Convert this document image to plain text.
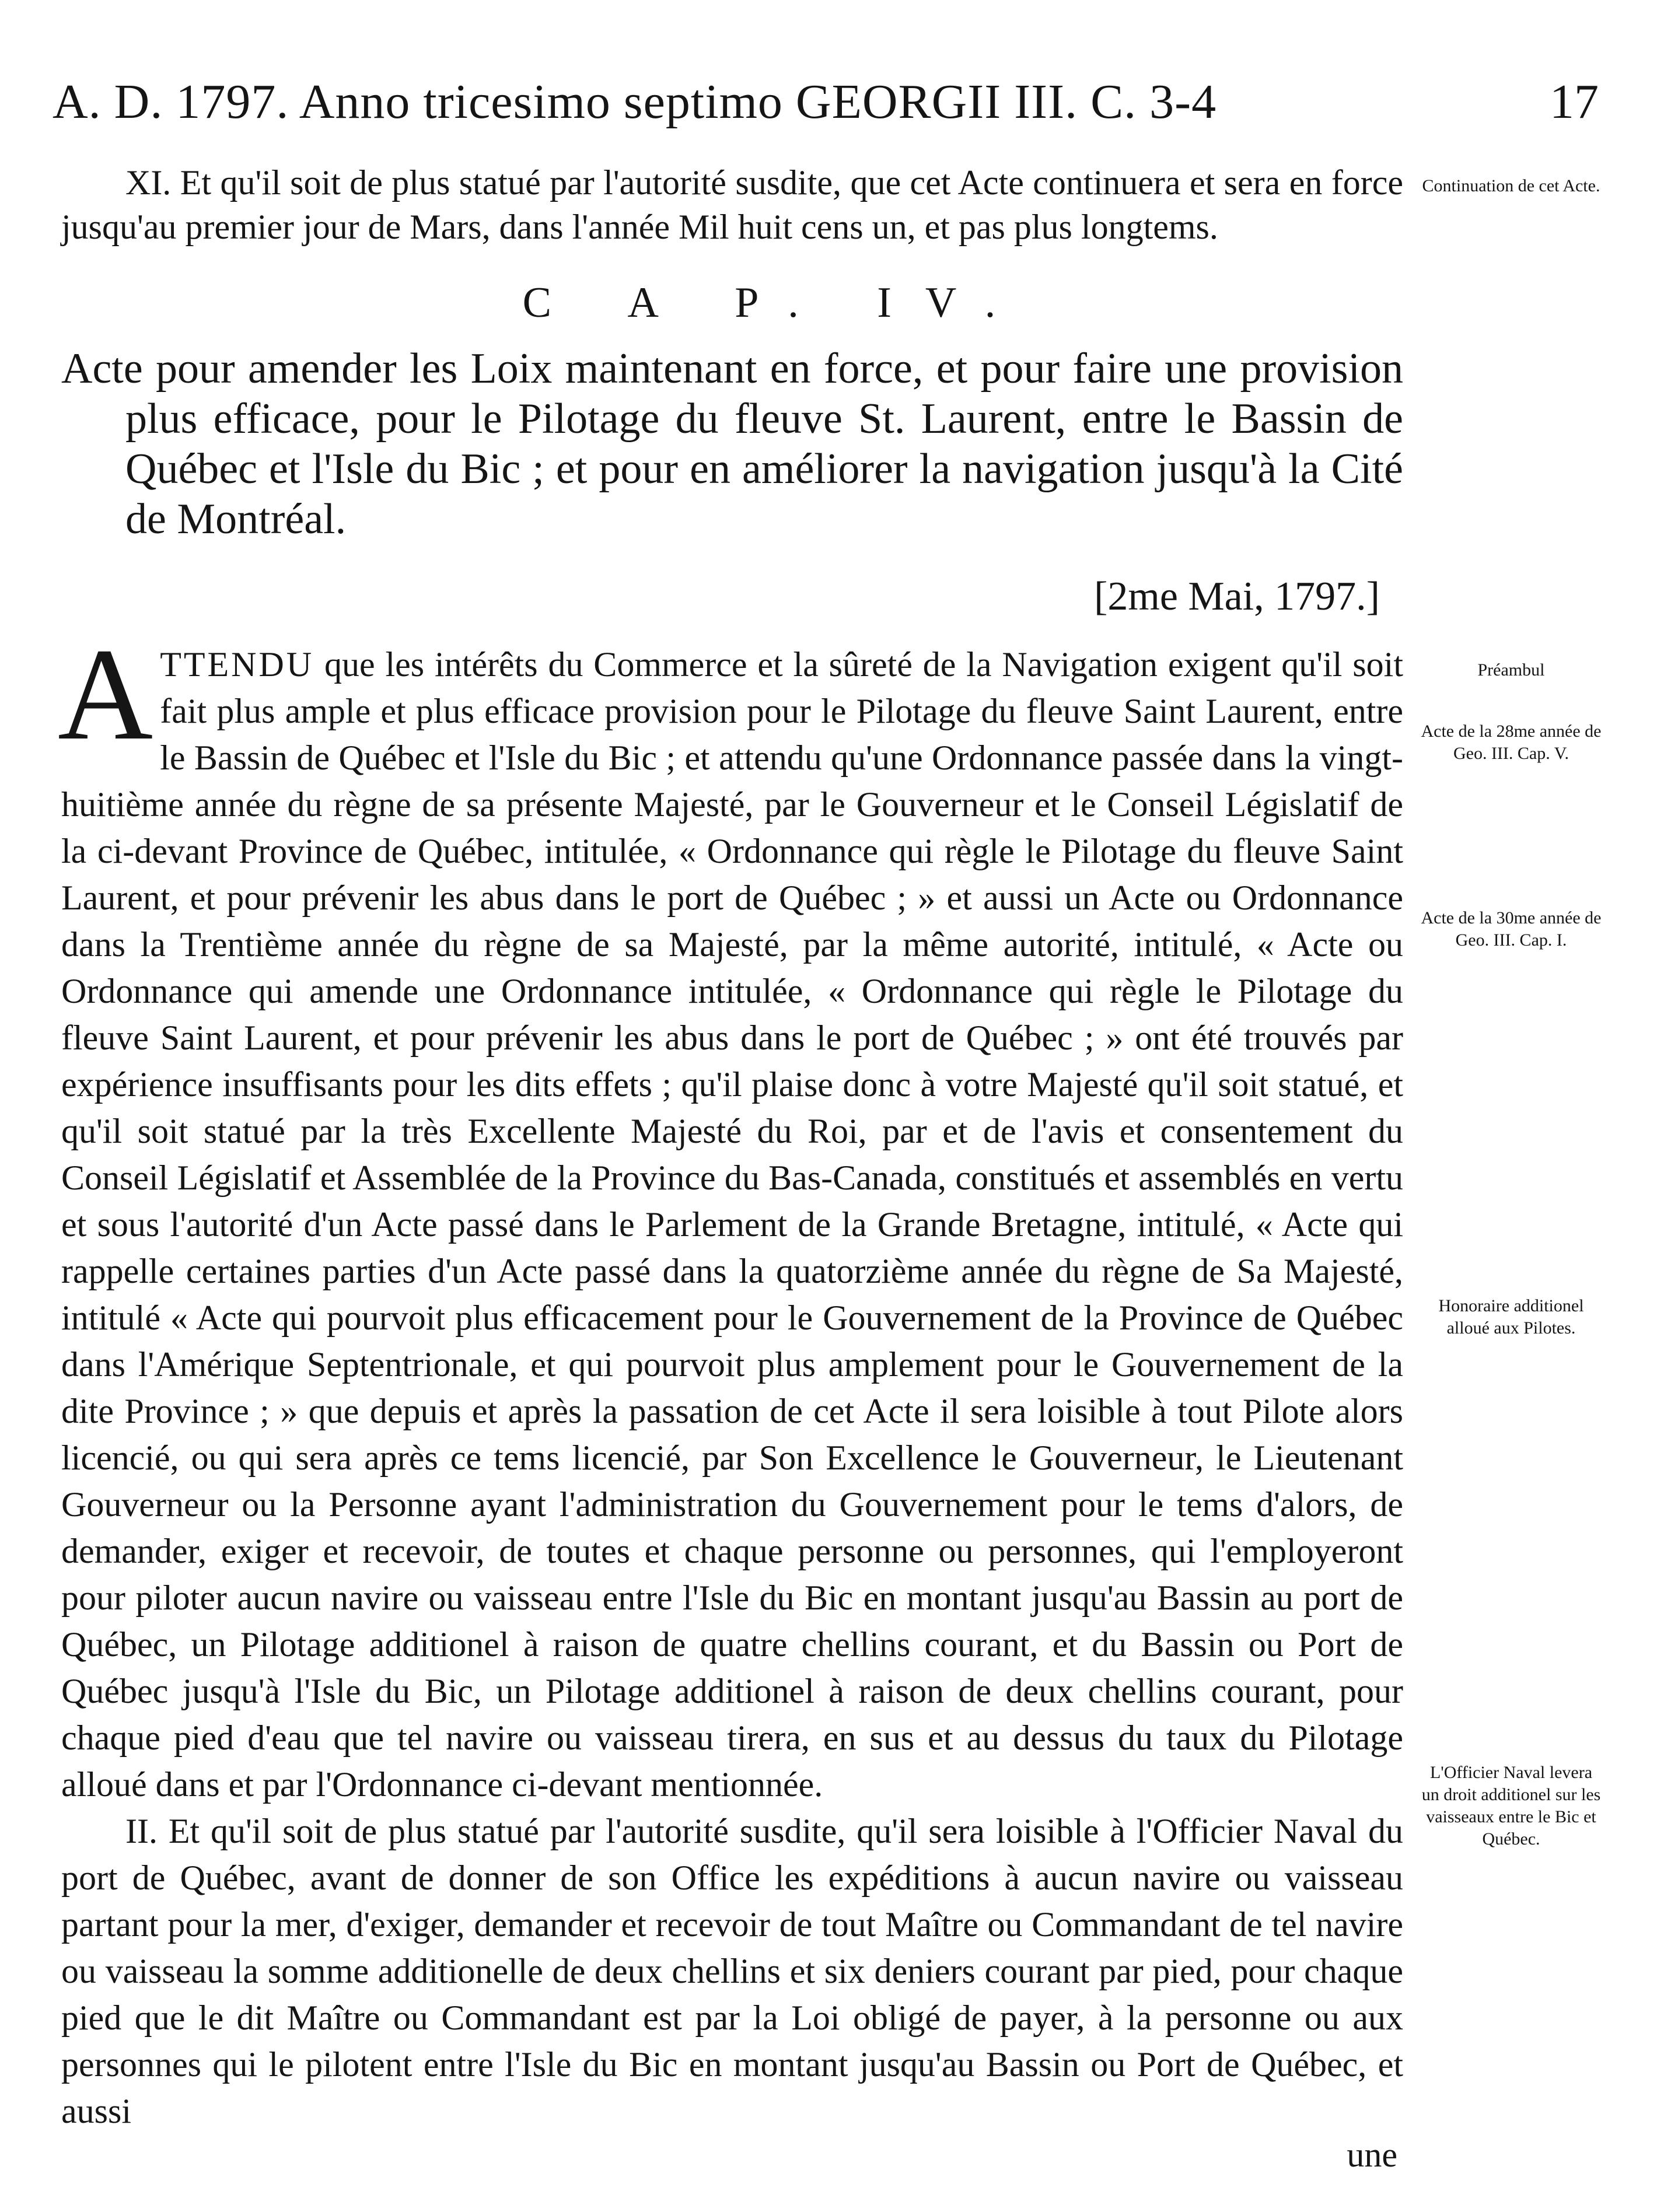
A. D. 1797. Anno tricesimo septimo GEORGII III. C. 3-4	17

XI. Et qu'il soit de plus statué par l'autorité susdite, que cet Acte continuera et sera en force jusqu'au premier jour de Mars, dans l'année Mil huit cens un, et pas plus longtems.

C A P. IV.

Acte pour amender les Loix maintenant en force, et pour faire une provision plus efficace, pour le Pilotage du fleuve St. Laurent, entre le Bassin de Québec et l'Isle du Bic ; et pour en améliorer la navigation jusqu'à la Cité de Montréal.

[2me Mai, 1797.]

ATTENDU que les intérêts du Commerce et la sûreté de la Navigation exigent qu'il soit fait plus ample et plus efficace provision pour le Pilotage du fleuve Saint Laurent, entre le Bassin de Québec et l'Isle du Bic ; et attendu qu'une Ordonnance passée dans la vingt-huitième année du règne de sa présente Majesté, par le Gouverneur et le Conseil Législatif de la ci-devant Province de Québec, intitulée, « Ordonnance qui règle le Pilotage du fleuve Saint Laurent, et pour prévenir les abus dans le port de Québec ; » et aussi un Acte ou Ordonnance dans la Trentième année du règne de sa Majesté, par la même autorité, intitulé, « Acte ou Ordonnance qui amende une Ordonnance intitulée, « Ordonnance qui règle le Pilotage du fleuve Saint Laurent, et pour prévenir les abus dans le port de Québec ; » ont été trouvés par expérience insuffisants pour les dits effets ; qu'il plaise donc à votre Majesté qu'il soit statué, et qu'il soit statué par la très Excellente Majesté du Roi, par et de l'avis et consentement du Conseil Législatif et Assemblée de la Province du Bas-Canada, constitués et assemblés en vertu et sous l'autorité d'un Acte passé dans le Parlement de la Grande Bretagne, intitulé, « Acte qui rappelle certaines parties d'un Acte passé dans la quatorzième année du règne de Sa Majesté, intitulé « Acte qui pourvoit plus efficacement pour le Gouvernement de la Province de Québec dans l'Amérique Septentrionale, et qui pourvoit plus amplement pour le Gouvernement de la dite Province ; » que depuis et après la passation de cet Acte il sera loisible à tout Pilote alors licencié, ou qui sera après ce tems licencié, par Son Excellence le Gouverneur, le Lieutenant Gouverneur ou la Personne ayant l'administration du Gouvernement pour le tems d'alors, de demander, exiger et recevoir, de toutes et chaque personne ou personnes, qui l'employeront pour piloter aucun navire ou vaisseau entre l'Isle du Bic en montant jusqu'au Bassin au port de Québec, un Pilotage additionel à raison de quatre chellins courant, et du Bassin ou Port de Québec jusqu'à l'Isle du Bic, un Pilotage additionel à raison de deux chellins courant, pour chaque pied d'eau que tel navire ou vaisseau tirera, en sus et au dessus du taux du Pilotage alloué dans et par l'Ordonnance ci-devant mentionnée.

II. Et qu'il soit de plus statué par l'autorité susdite, qu'il sera loisible à l'Officier Naval du port de Québec, avant de donner de son Office les expéditions à aucun navire ou vaisseau partant pour la mer, d'exiger, demander et recevoir de tout Maître ou Commandant de tel navire ou vaisseau la somme additionelle de deux chellins et six deniers courant par pied, pour chaque pied que le dit Maître ou Commandant est par la Loi obligé de payer, à la personne ou aux personnes qui le pilotent entre l'Isle du Bic en montant jusqu'au Bassin ou Port de Québec, et aussi

une
Continuation de cet Acte.
Préambul
Acte de la 28me année de Geo. III. Cap. V.
Acte de la 30me année de Geo. III. Cap. I.
Honoraire additionel alloué aux Pilotes.
L'Officier Naval levera un droit additionel sur les vaisseaux entre le Bic et Québec.
